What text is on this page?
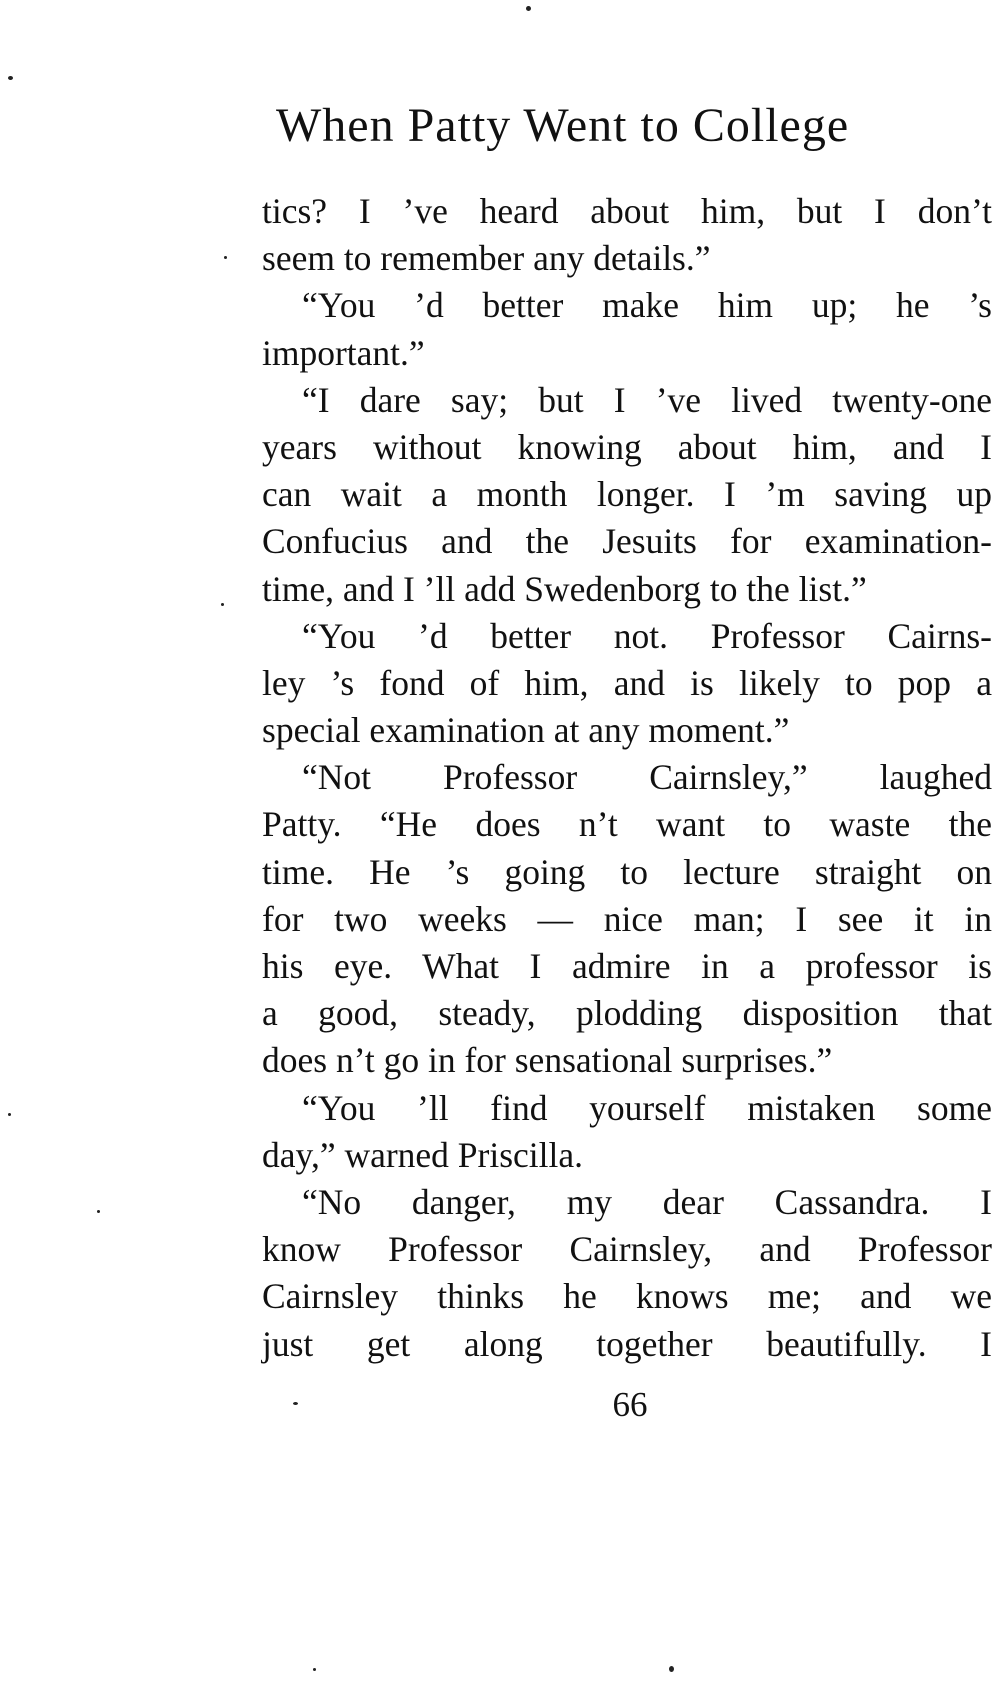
When Patty Went to College
tics? I ’ve heard about him, but I don’t
seem to remember any details.”
“You ’d better make him up; he ’s
important.”
“I dare say; but I ’ve lived twenty-one
years without knowing about him, and I
can wait a month longer. I ’m saving up
Confucius and the Jesuits for examination-
time, and I ’ll add Swedenborg to the list.”
“You ’d better not. Professor Cairns-
ley ’s fond of him, and is likely to pop a
special examination at any moment.”
“Not Professor Cairnsley,” laughed
Patty. “He does n’t want to waste the
time. He ’s going to lecture straight on
for two weeks — nice man; I see it in
his eye. What I admire in a professor is
a good, steady, plodding disposition that
does n’t go in for sensational surprises.”
“You ’ll find yourself mistaken some
day,” warned Priscilla.
“No danger, my dear Cassandra. I
know Professor Cairnsley, and Professor
Cairnsley thinks he knows me; and we
just get along together beautifully. I
66
